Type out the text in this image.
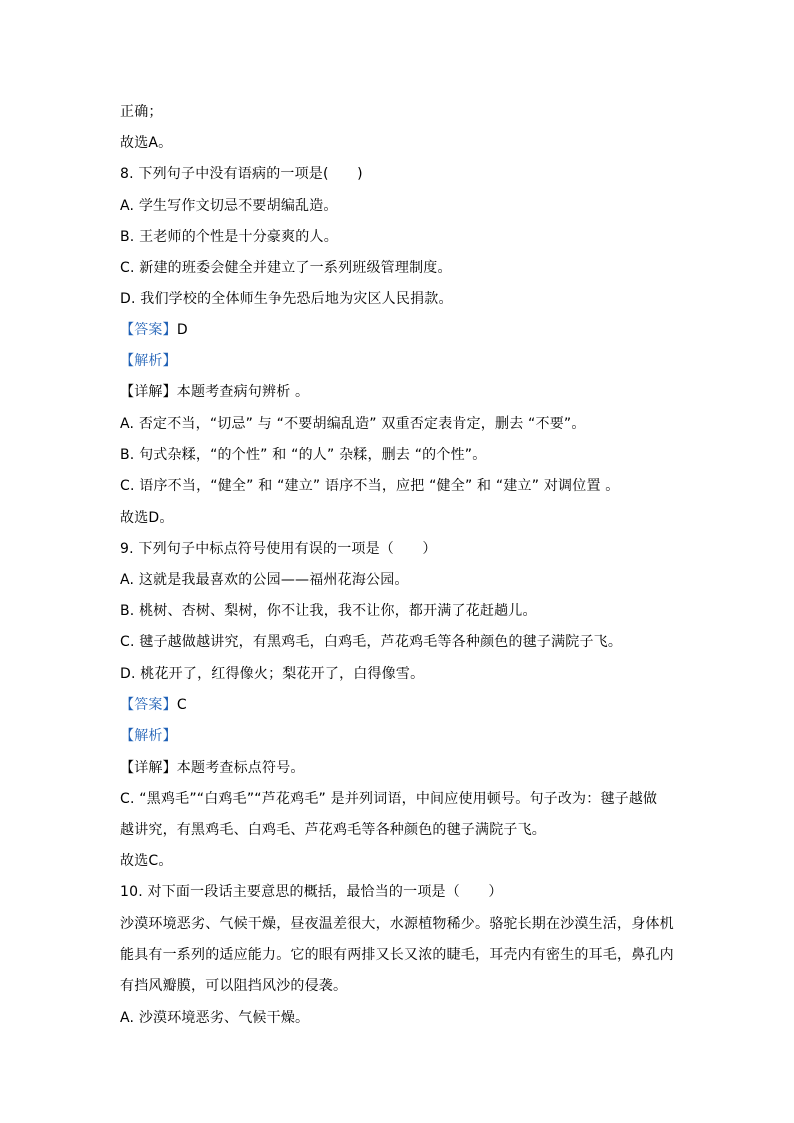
正确；
故选A。
8. 下列句子中没有语病的一项是(　　)
A. 学生写作文切忌不要胡编乱造。
B. 王老师的个性是十分豪爽的人。
C. 新建的班委会健全并建立了一系列班级管理制度。
D. 我们学校的全体师生争先恐后地为灾区人民捐款。
【答案】D
【解析】
【详解】本题考查病句辨析 。
A. 否定不当，“切忌” 与 “不要胡编乱造” 双重否定表肯定，删去 “不要”。
B. 句式杂糅，“的个性” 和 “的人” 杂糅，删去 “的个性”。
C. 语序不当，“健全” 和 “建立” 语序不当，应把 “健全” 和 “建立” 对调位置 。
故选D。
9. 下列句子中标点符号使用有误的一项是（　　）
A. 这就是我最喜欢的公园——福州花海公园。
B. 桃树、杏树、梨树，你不让我，我不让你，都开满了花赶趟儿。
C. 毽子越做越讲究，有黑鸡毛，白鸡毛，芦花鸡毛等各种颜色的毽子满院子飞。
D. 桃花开了，红得像火；梨花开了，白得像雪。
【答案】C
【解析】
【详解】本题考查标点符号。
C. “黑鸡毛”“白鸡毛”“芦花鸡毛” 是并列词语，中间应使用顿号。句子改为：毽子越做
越讲究，有黑鸡毛、白鸡毛、芦花鸡毛等各种颜色的毽子满院子飞。
故选C。
10. 对下面一段话主要意思的概括，最恰当的一项是（　　）
沙漠环境恶劣、气候干燥，昼夜温差很大，水源植物稀少。骆驼长期在沙漠生活，身体机
能具有一系列的适应能力。它的眼有两排又长又浓的睫毛，耳壳内有密生的耳毛，鼻孔内
有挡风瓣膜，可以阻挡风沙的侵袭。
A. 沙漠环境恶劣、气候干燥。
